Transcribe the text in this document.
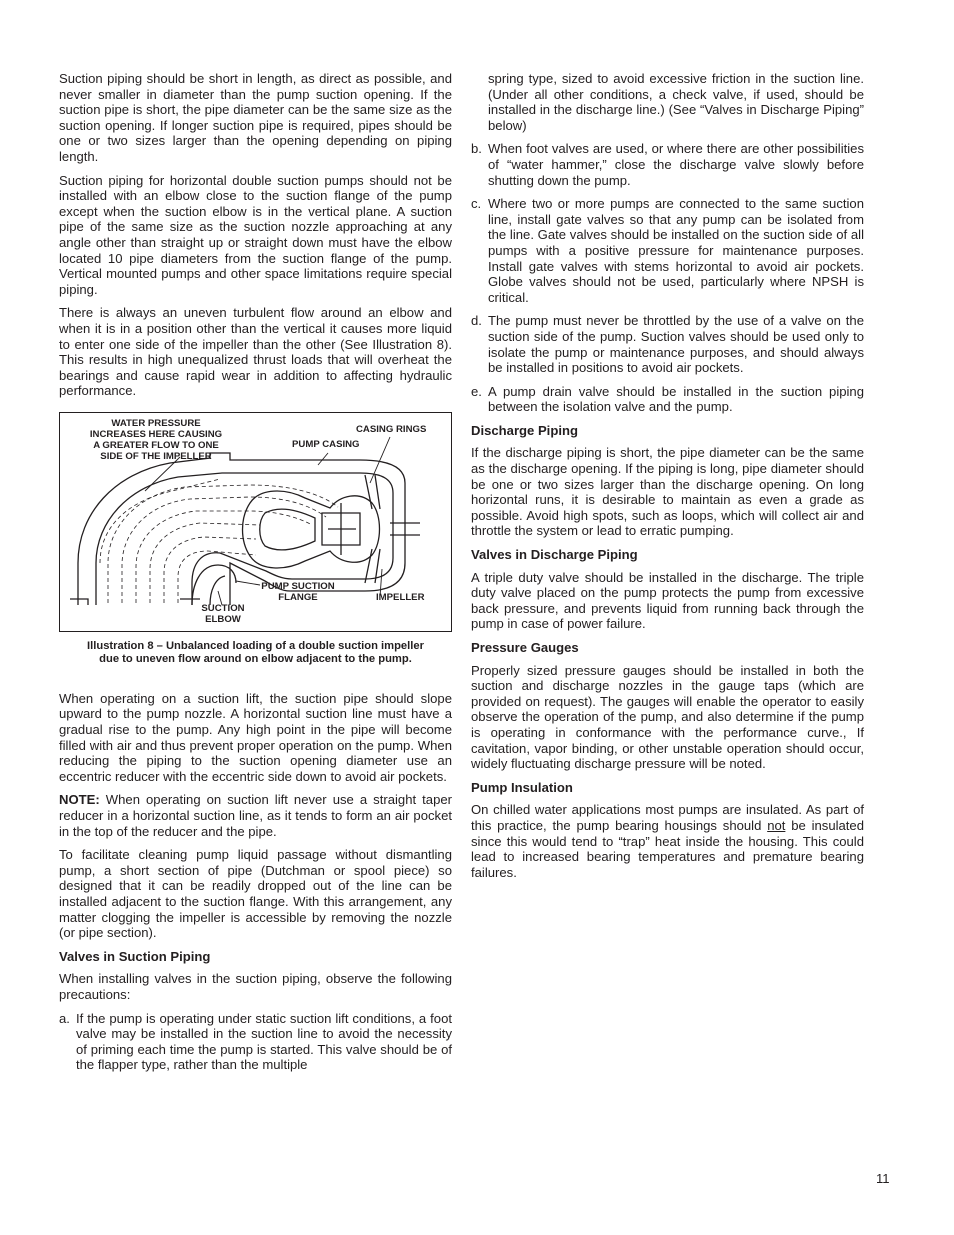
Suction piping should be short in length, as direct as possible, and never smaller in diameter than the pump suction opening. If the suction pipe is short, the pipe diameter can be the same size as the suction opening. If longer suction pipe is required, pipes should be one or two sizes larger than the opening depending on piping length.

Suction piping for horizontal double suction pumps should not be installed with an elbow close to the suction flange of the pump except when the suction elbow is in the vertical plane. A suction pipe of the same size as the suction nozzle approaching at any angle other than straight up or straight down must have the elbow located 10 pipe diameters from the suction flange of the pump. Vertical mounted pumps and other space limitations require special piping.

There is always an uneven turbulent flow around an elbow and when it is in a position other than the vertical it causes more liquid to enter one side of the impeller than the other (See Illustration 8). This results in high unequalized thrust loads that will overheat the bearings and cause rapid wear in addition to affecting hydraulic performance.

WATER PRESSURE
INCREASES HERE CAUSING
A GREATER FLOW TO ONE
SIDE OF THE IMPELLER
CASING RINGS
PUMP CASING
PUMP SUCTION
FLANGE	IMPELLER
SUCTION
ELBOW
Illustration 8 – Unbalanced loading of a double suction impeller
due to uneven flow around on elbow adjacent to the pump.

When operating on a suction lift, the suction pipe should slope upward to the pump nozzle. A horizontal suction line must have a gradual rise to the pump. Any high point in the pipe will become filled with air and thus prevent proper operation on the pump. When reducing the piping to the suction opening diameter use an eccentric reducer with the eccentric side down to avoid air pockets.

NOTE: When operating on suction lift never use a straight taper reducer in a horizontal suction line, as it tends to form an air pocket in the top of the reducer and the pipe.

To facilitate cleaning pump liquid passage without dismantling pump, a short section of pipe (Dutchman or spool piece) so designed that it can be readily dropped out of the line can be installed adjacent to the suction flange. With this arrangement, any matter clogging the impeller is accessible by removing the nozzle (or pipe section).

Valves in Suction Piping

When installing valves in the suction piping, observe the following precautions:

a. If the pump is operating under static suction lift conditions, a foot valve may be installed in the suction line to avoid the necessity of priming each time the pump is started. This valve should be of the flapper type, rather than the multiple

spring type, sized to avoid excessive friction in the suction line. (Under all other conditions, a check valve, if used, should be installed in the discharge line.) (See “Valves in Discharge Piping” below)

b. When foot valves are used, or where there are other possibilities of “water hammer,” close the discharge valve slowly before shutting down the pump.
c. Where two or more pumps are connected to the same suction line, install gate valves so that any pump can be isolated from the line. Gate valves should be installed on the suction side of all pumps with a positive pressure for maintenance purposes. Install gate valves with stems horizontal to avoid air pockets. Globe valves should not be used, particularly where NPSH is critical.
d. The pump must never be throttled by the use of a valve on the suction side of the pump. Suction valves should be used only to isolate the pump or maintenance purposes, and should always be installed in positions to avoid air pockets.
e. A pump drain valve should be installed in the suction piping between the isolation valve and the pump.
Discharge Piping

If the discharge piping is short, the pipe diameter can be the same as the discharge opening. If the piping is long, pipe diameter should be one or two sizes larger than the discharge opening. On long horizontal runs, it is desirable to maintain as even a grade as possible. Avoid high spots, such as loops, which will collect air and throttle the system or lead to erratic pumping.

Valves in Discharge Piping

A triple duty valve should be installed in the discharge. The triple duty valve placed on the pump protects the pump from excessive back pressure, and prevents liquid from running back through the pump in case of power failure.

Pressure Gauges

Properly sized pressure gauges should be installed in both the suction and discharge nozzles in the gauge taps (which are provided on request). The gauges will enable the operator to easily observe the operation of the pump, and also determine if the pump is operating in conformance with the performance curve., If cavitation, vapor binding, or other unstable operation should occur, widely fluctuating discharge pressure will be noted.

Pump Insulation

On chilled water applications most pumps are insulated. As part of this practice, the pump bearing housings should not be insulated since this would tend to “trap” heat inside the housing. This could lead to increased bearing temperatures and premature bearing failures.

11
